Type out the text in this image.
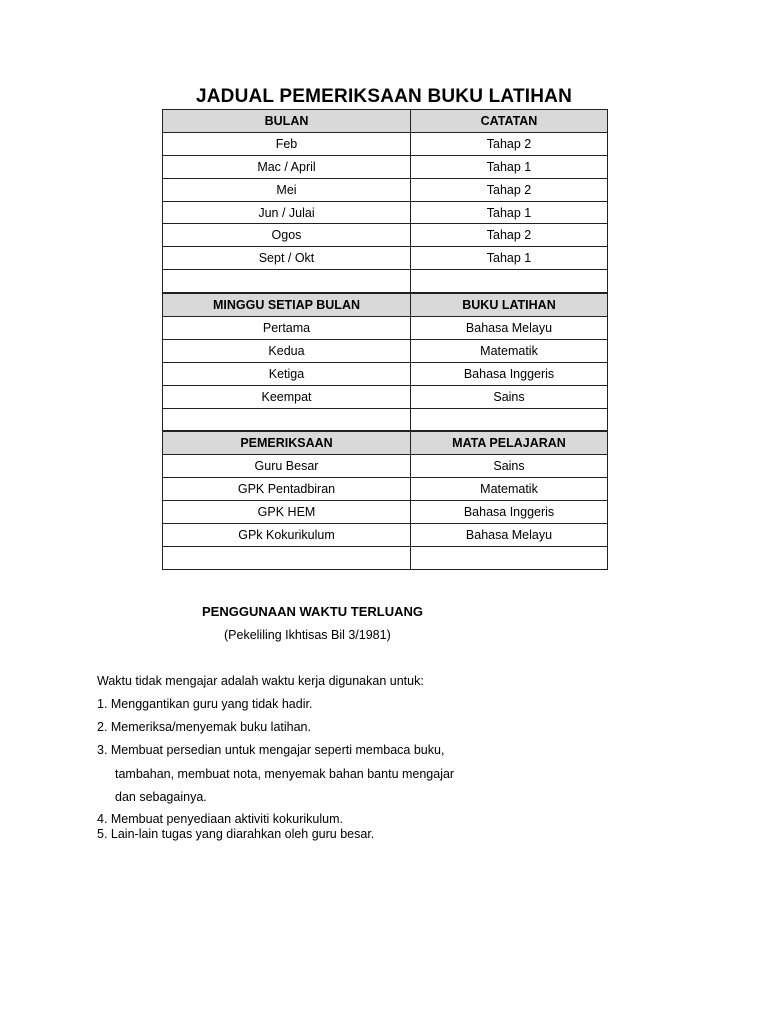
JADUAL PEMERIKSAAN BUKU LATIHAN
BULAN	CATATAN
Feb	Tahap 2
Mac / April	Tahap 1
Mei	Tahap 2
Jun / Julai	Tahap 1
Ogos	Tahap 2
Sept / Okt	Tahap 1

MINGGU SETIAP BULAN	BUKU LATIHAN
Pertama	Bahasa Melayu
Kedua	Matematik
Ketiga	Bahasa Inggeris
Keempat	Sains

PEMERIKSAAN	MATA PELAJARAN
Guru Besar	Sains
GPK Pentadbiran	Matematik
GPK HEM	Bahasa Inggeris
GPk Kokurikulum	Bahasa Melayu

PENGGUNAAN WAKTU TERLUANG
(Pekeliling Ikhtisas Bil 3/1981)
Waktu tidak mengajar adalah waktu kerja digunakan untuk:
1. Menggantikan guru yang tidak hadir.
2. Memeriksa/menyemak buku latihan.
3. Membuat persedian untuk mengajar seperti membaca buku,
tambahan, membuat nota, menyemak bahan bantu mengajar
dan sebagainya.
4. Membuat penyediaan aktiviti kokurikulum.
5. Lain-lain tugas yang diarahkan oleh guru besar.
